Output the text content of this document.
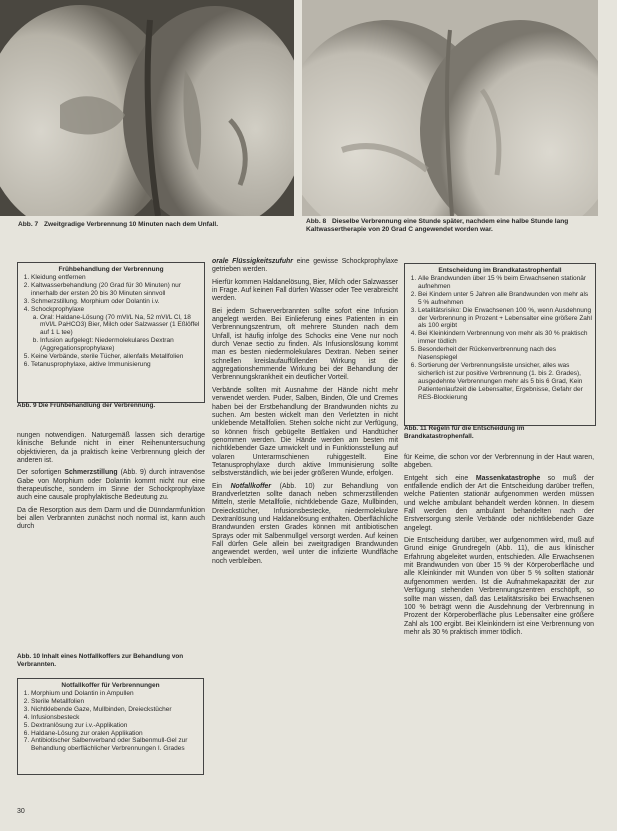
Abb. 7 Zweitgradige Verbrennung 10 Minuten nach dem Unfall.	Abb. 8 Dieselbe Verbrennung eine Stunde später, nachdem eine halbe Stunde lang Kaltwassertherapie von 20 Grad C angewendet worden war.
Frühbehandlung der Verbrennung
1. Kleidung entfernen
2. Kaltwasserbehandlung (20 Grad für 30 Minuten) nur innerhalb der ersten 20 bis 30 Minuten sinnvoll
3. Schmerzstillung. Morphium oder Dolantin i.v.
4. Schockprophylaxe
a. Oral: Haldane-Lösung (70 mVl/L Na, 52 mVl/L Cl, 18 mVl/L PaHCO3) Bier, Milch oder Salzwasser (1 Eßlöffel auf 1 L tee)
b. Infusion aufgelegt: Niedermolekulares Dextran (Aggregationsprophylaxe)
5. Keine Verbände, sterile Tücher, allenfalls Metallfolien
6. Tetanusprophylaxe, aktive Immunisierung
Abb. 9 Die Frühbehandlung der Verbrennung.

nungen notwendigen. Naturgemäß lassen sich derartige klinische Befunde nicht in einer Reihenuntersuchung objektivieren, da ja praktisch keine Verbrennung gleich der anderen ist.

Der sofortigen Schmerzstillung (Abb. 9) durch intravenöse Gabe von Morphium oder Dolantin kommt nicht nur eine therapeutische, sondern im Sinne der Schockprophylaxe auch eine causale prophylaktische Bedeutung zu.

Da die Resorption aus dem Darm und die Dünndarmfunktion bei allen Verbrannten zunächst noch normal ist, kann auch durch

Abb. 10 Inhalt eines Notfallkoffers zur Behandlung von Verbrannten.
Notfallkoffer für Verbrennungen
1. Morphium und Dolantin in Ampullen
2. Sterile Metallfolien
3. Nichtklebende Gaze, Mullbinden, Dreieckstücher
4. Infusionsbesteck
5. Dextranlösung zur i.v.-Applikation
6. Haldane-Lösung zur oralen Applikation
7. Antibiotischer Salbenverband oder Salbenmull-Gel zur Behandlung oberflächlicher Verbrennungen I. Grades

orale Flüssigkeitszufuhr eine gewisse Schockprophylaxe getrieben werden.

Hierfür kommen Haldanelösung, Bier, Milch oder Salzwasser in Frage. Auf keinen Fall dürfen Wasser oder Tee verabreicht werden.

Bei jedem Schwerverbrannten sollte sofort eine Infusion angelegt werden. Bei Einlieferung eines Patienten in ein Verbrennungszentrum, oft mehrere Stunden nach dem Unfall, ist häufig infolge des Schocks eine Vene nur noch durch Venae sectio zu finden. Als Infusionslösung kommt man es besten niedermolekulares Dextran. Neben seiner schnellen kreislaufauffüllenden Wirkung ist die aggregationshemmende Wirkung bei der Behandlung der Verbrennungskrankheit ein deutlicher Vorteil.

Verbände sollten mit Ausnahme der Hände nicht mehr verwendet werden. Puder, Salben, Binden, Öle und Cremes haben bei der Erstbehandlung der Brandwunden nichts zu suchen. Am besten wickelt man den Verletzten in nicht unklebende Metallfolien. Stehen solche nicht zur Verfügung, so können frisch gebügelte Bettlaken und Handtücher genommen werden. Die Hände werden am besten mit nichtklebender Gaze umwickelt und in Funktionsstellung auf volaren Unterarmschienen ruhiggestellt. Eine Tetanusprophylaxe durch aktive Immunisierung sollte selbstverständlich, wie bei jeder größeren Wunde, erfolgen.

Ein Notfallkoffer (Abb. 10) zur Behandlung von Brandverletzten sollte danach neben schmerzstillenden Mitteln, sterile Metallfolie, nichtklebende Gaze, Mullbinden, Dreieckstücher, Infusionsbestecke, niedermolekulare Dextranlösung und Haldanelösung enthalten. Oberflächliche Brandwunden ersten Grades können mit antibiotischen Sprays oder mit Salbenmullgel versorgt werden. Auf keinen Fall dürfen Gele allein bei zweitgradigen Brandwunden angewendet werden, weil unter die infizierte Wundfläche noch verbleiben.

Entscheidung im Brandkatastrophenfall
1. Alle Brandwunden über 15 % beim Erwachsenen stationär aufnehmen
2. Bei Kindern unter 5 Jahren alle Brandwunden von mehr als 5 % aufnehmen
3. Letalitätsrisiko: Die Erwachsenen 100 %, wenn Ausdehnung der Verbrennung in Prozent + Lebensalter eine größere Zahl als 100 ergibt
4. Bei Kleinkindern Verbrennung von mehr als 30 % praktisch immer tödlich
5. Besonderheit der Rückenverbrennung nach des Nasenspiegel
6. Sortierung der Verbrennungsliste unsicher, alles was sicherlich ist zur positive Verbrennung (1. bis 2. Grades), ausgedehnte Verbrennungen mehr als 5 bis 6 Grad, Kein Patientenlaufzeit die Lebensalter, Ergebnisse, Gefahr der RES-Blockierung
Abb. 11 Regeln für die Entscheidung im Brandkatastrophenfall.

für Keime, die schon vor der Verbrennung in der Haut waren, abgeben.

Entgeht sich eine Massenkatastrophe so muß der entfallende endlich der Art die Entscheidung darüber treffen, welche Patienten stationär aufgenommen werden müssen und welche ambulant behandelt werden können. In diesem Fall werden den ambulant behandelten nach der Erstversorgung sterile Verbände oder nichtklebender Gaze angelegt.

Die Entscheidung darüber, wer aufgenommen wird, muß auf Grund einige Grundregeln (Abb. 11), die aus klinischer Erfahrung abgeleitet wurden, entschieden. Alle Erwachsenen mit Brandwunden von über 15 % der Körperoberfläche und alle Kleinkinder mit Wunden von über 5 % sollten stationär aufgenommen werden. Ist die Aufnahmekapazität der zur Verfügung stehenden Verbrennungszentren erschöpft, so sollte man wissen, daß das Letalitätsrisiko bei Erwachsenen 100 % beträgt wenn die Ausdehnung der Verbrennung in Prozent der Körperoberfläche plus Lebensalter eine größere Zahl als 100 ergibt. Bei Kleinkindern ist eine Verbrennung von mehr als 30 % praktisch immer tödlich.

30
